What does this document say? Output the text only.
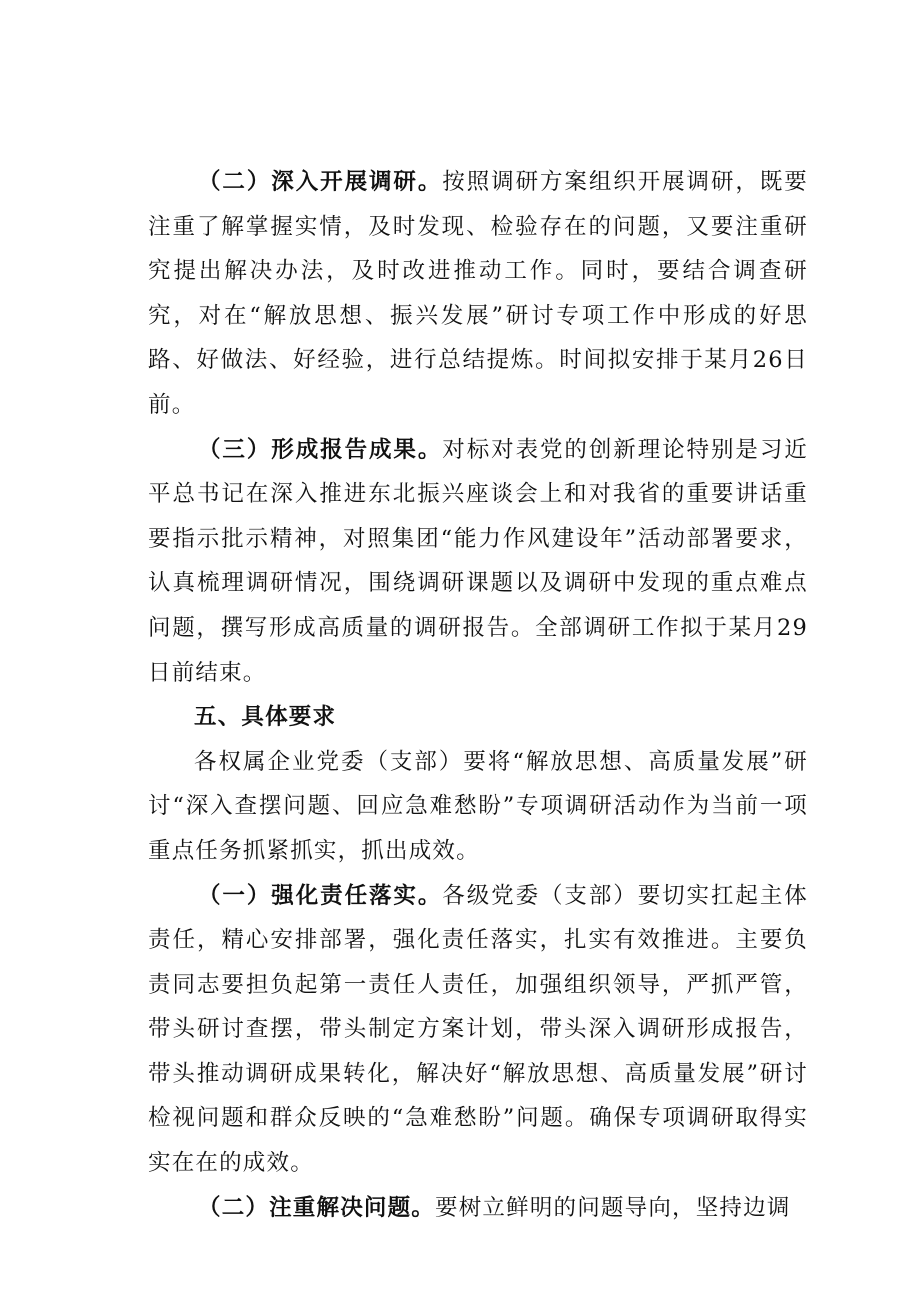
（二）深入开展调研。按照调研方案组织开展调研，既要注重了解掌握实情，及时发现、检验存在的问题，又要注重研究提出解决办法，及时改进推动工作。同时，要结合调查研究，对在“解放思想、振兴发展”研讨专项工作中形成的好思路、好做法、好经验，进行总结提炼。时间拟安排于某月26日前。

（三）形成报告成果。对标对表党的创新理论特别是习近平总书记在深入推进东北振兴座谈会上和对我省的重要讲话重要指示批示精神，对照集团“能力作风建设年”活动部署要求，认真梳理调研情况，围绕调研课题以及调研中发现的重点难点问题，撰写形成高质量的调研报告。全部调研工作拟于某月29日前结束。

五、具体要求

各权属企业党委（支部）要将“解放思想、高质量发展”研讨“深入查摆问题、回应急难愁盼”专项调研活动作为当前一项重点任务抓紧抓实，抓出成效。

（一）强化责任落实。各级党委（支部）要切实扛起主体责任，精心安排部署，强化责任落实，扎实有效推进。主要负责同志要担负起第一责任人责任，加强组织领导，严抓严管，带头研讨查摆，带头制定方案计划，带头深入调研形成报告，带头推动调研成果转化，解决好“解放思想、高质量发展”研讨检视问题和群众反映的“急难愁盼”问题。确保专项调研取得实实在在的成效。

（二）注重解决问题。要树立鲜明的问题导向，坚持边调
